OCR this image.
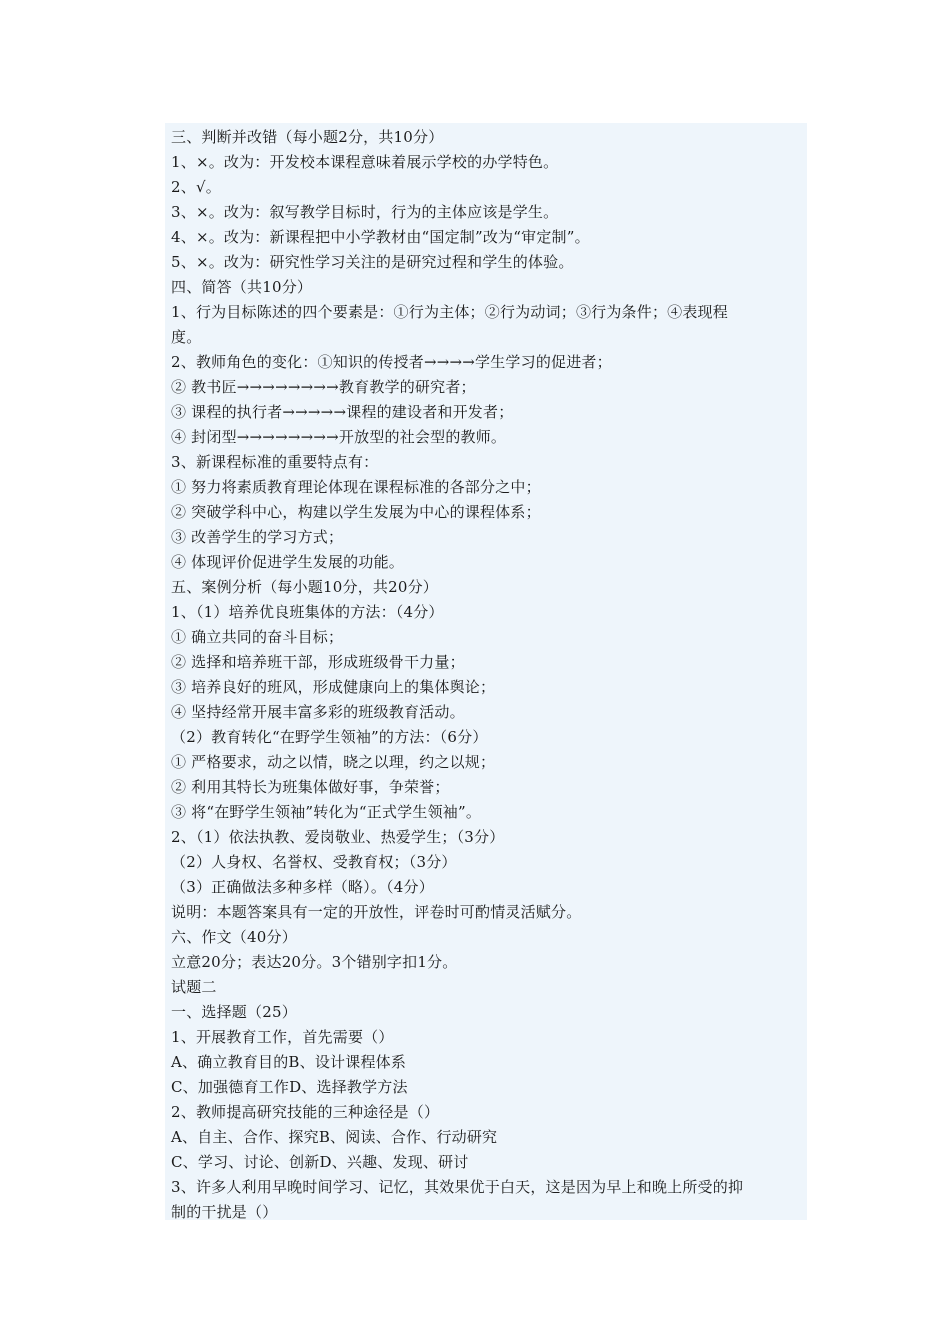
三、判断并改错（每小题2分，共10分）
1、×。改为：开发校本课程意味着展示学校的办学特色。
2、√。
3、×。改为：叙写教学目标时，行为的主体应该是学生。
4、×。改为：新课程把中小学教材由“国定制”改为“审定制”。
5、×。改为：研究性学习关注的是研究过程和学生的体验。
四、简答（共10分）
1、行为目标陈述的四个要素是：①行为主体；②行为动词；③行为条件；④表现程
度。
2、教师角色的变化：①知识的传授者→→→→学生学习的促进者；
② 教书匠→→→→→→→→教育教学的研究者；
③ 课程的执行者→→→→→课程的建设者和开发者；
④ 封闭型→→→→→→→→开放型的社会型的教师。
3、新课程标准的重要特点有：
① 努力将素质教育理论体现在课程标准的各部分之中；
② 突破学科中心，构建以学生发展为中心的课程体系；
③ 改善学生的学习方式；
④ 体现评价促进学生发展的功能。
五、案例分析（每小题10分，共20分）
1、（1）培养优良班集体的方法：（4分）
① 确立共同的奋斗目标；
② 选择和培养班干部，形成班级骨干力量；
③ 培养良好的班风，形成健康向上的集体舆论；
④ 坚持经常开展丰富多彩的班级教育活动。
（2）教育转化“在野学生领袖”的方法：（6分）
① 严格要求，动之以情，晓之以理，约之以规；
② 利用其特长为班集体做好事，争荣誉；
③ 将“在野学生领袖”转化为“正式学生领袖”。
2、（1）依法执教、爱岗敬业、热爱学生；（3分）
（2）人身权、名誉权、受教育权；（3分）
（3）正确做法多种多样（略）。（4分）
说明：本题答案具有一定的开放性，评卷时可酌情灵活赋分。
六、作文（40分）
立意20分；表达20分。3个错别字扣1分。
试题二
一、选择题（25）
1、开展教育工作，首先需要（）
A、确立教育目的B、设计课程体系
C、加强德育工作D、选择教学方法
2、教师提高研究技能的三种途径是（）
A、自主、合作、探究B、阅读、合作、行动研究
C、学习、讨论、创新D、兴趣、发现、研讨
3、许多人利用早晚时间学习、记忆，其效果优于白天，这是因为早上和晚上所受的抑
制的干扰是（）
